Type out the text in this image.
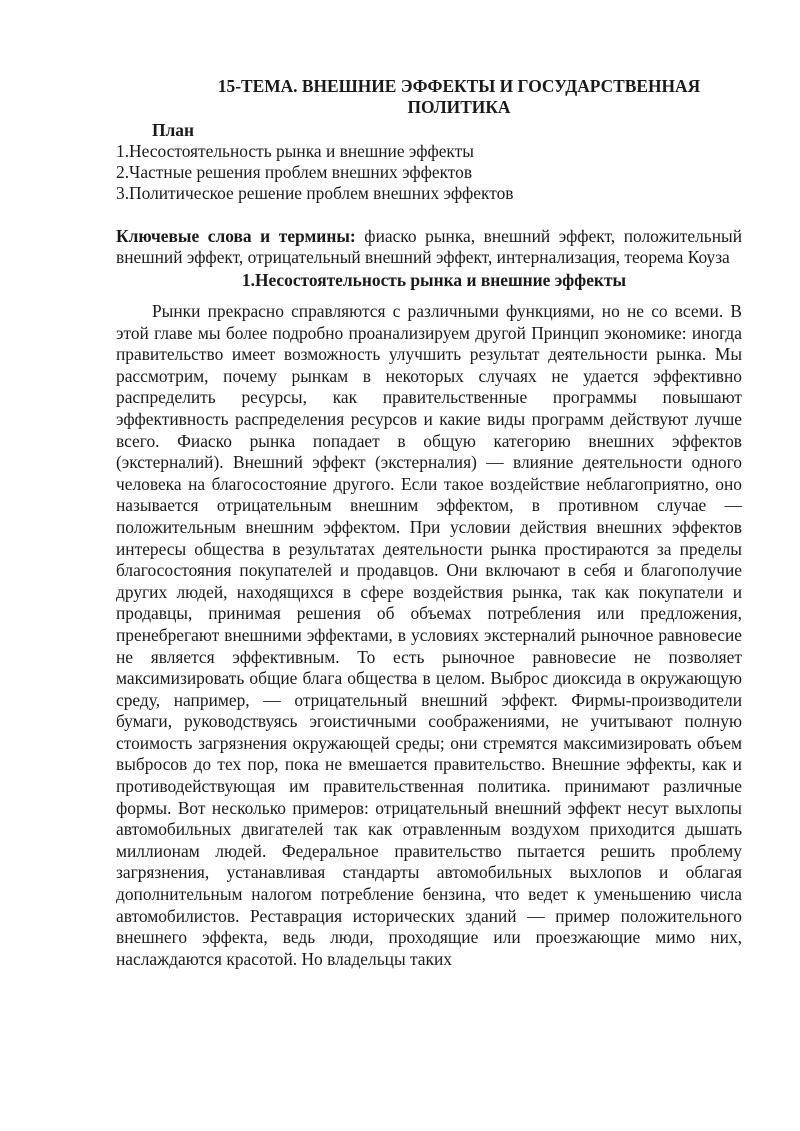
15-ТЕМА. ВНЕШНИЕ ЭФФЕКТЫ И ГОСУДАРСТВЕННАЯ
ПОЛИТИКА
План
1.Несостоятельность рынка и внешние эффекты
2.Частные решения проблем внешних эффектов
3.Политическое решение проблем внешних эффектов
Ключевые слова и термины: фиаско рынка, внешний эффект, положительный внешний эффект, отрицательный внешний эффект, интернализация, теорема Коуза
1.Несостоятельность рынка и внешние эффекты
Рынки прекрасно справляются с различными функциями, но не со всеми. В этой главе мы более подробно проанализируем другой Принцип экономике: иногда правительство имеет возможность улучшить результат деятельности рынка. Мы рассмотрим, почему рынкам в некоторых случаях не удается эффективно распределить ресурсы, как правительственные программы повышают эффективность распределения ресурсов и какие виды программ действуют лучше всего. Фиаско рынка попадает в общую категорию внешних эффектов (экстерналий). Внешний эффект (экстерналия) — влияние деятельности одного человека на благосостояние другого. Если такое воздействие неблагоприятно, оно называется отрицательным внешним эффектом, в противном случае — положительным внешним эффектом. При условии действия внешних эффектов интересы общества в результатах деятельности рынка простираются за пределы благосостояния покупателей и продавцов. Они включают в себя и благополучие других людей, находящихся в сфере воздействия рынка, так как покупатели и продавцы, принимая решения об объемах потребления или предложения, пренебрегают внешними эффектами, в условиях экстерналий рыночное равновесие не является эффективным. То есть рыночное равновесие не позволяет максимизировать общие блага общества в целом. Выброс диоксида в окружающую среду, например, — отрицательный внешний эффект. Фирмы-производители бумаги, руководствуясь эгоистичными соображениями, не учитывают полную стоимость загрязнения окружающей среды; они стремятся максимизировать объем выбросов до тех пор, пока не вмешается правительство. Внешние эффекты, как и противодействующая им правительственная политика. принимают различные формы. Вот несколько примеров: отрицательный внешний эффект несут выхлопы автомобильных двигателей так как отравленным воздухом приходится дышать миллионам людей. Федеральное правительство пытается решить проблему загрязнения, устанавливая стандарты автомобильных выхлопов и облагая дополнительным налогом потребление бензина, что ведет к уменьшению числа автомобилистов. Реставрация исторических зданий — пример положительного внешнего эффекта, ведь люди, проходящие или проезжающие мимо них, наслаждаются красотой. Но владельцы таких
